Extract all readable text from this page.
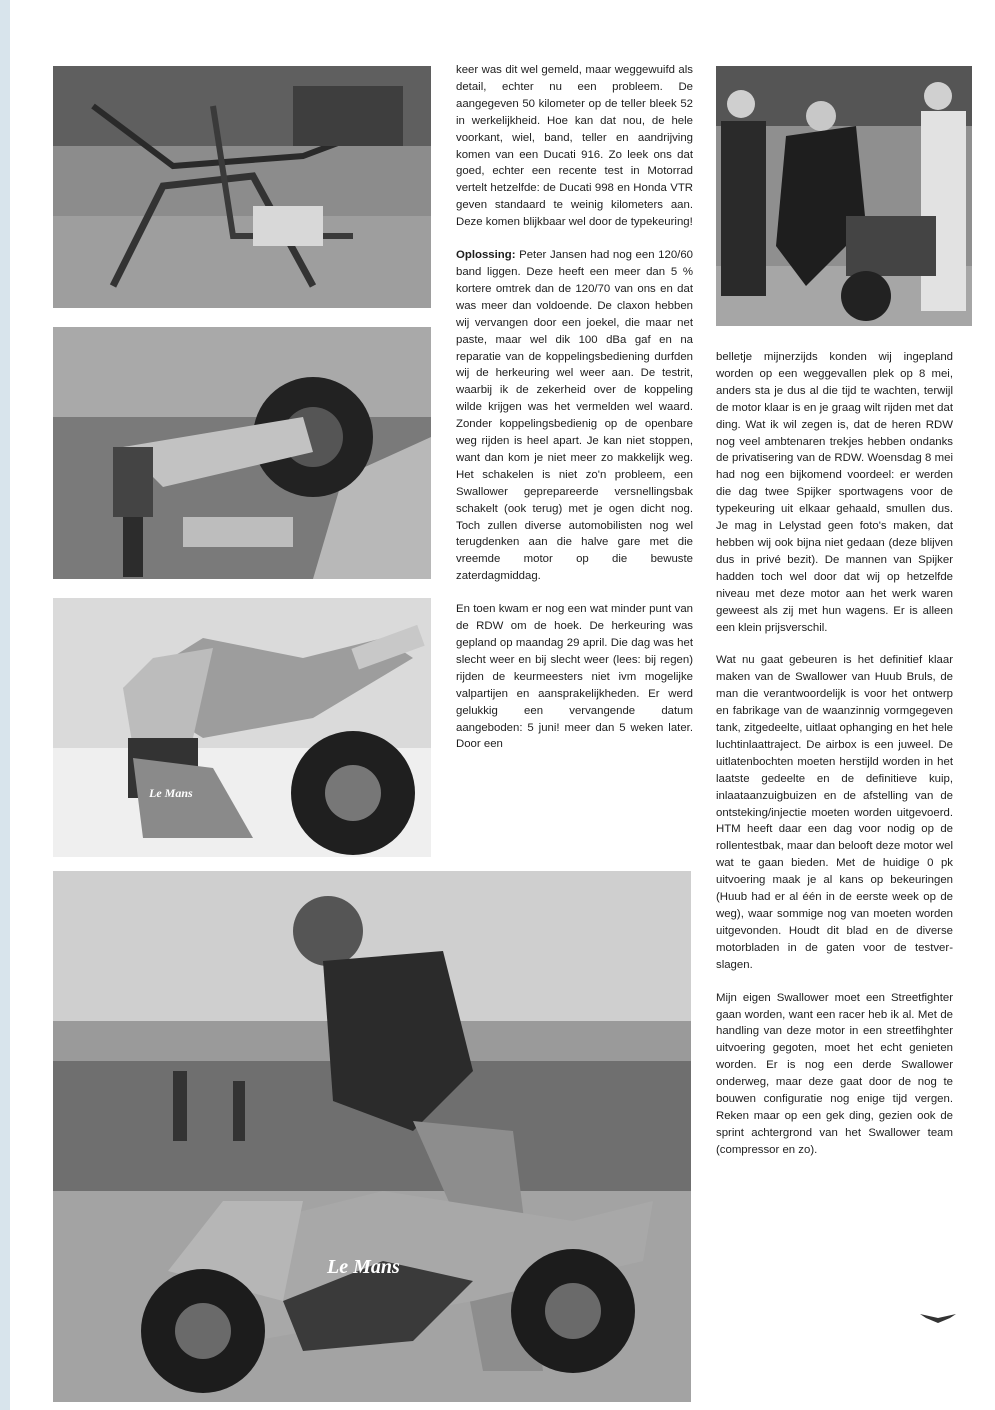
Le Mans
Le Mans

keer was dit wel gemeld, maar weggewuifd als detail, echter nu een probleem. De aangegeven 50 kilometer op de teller bleek 52 in werkelijkheid. Hoe kan dat nou, de hele voorkant, wiel, band, teller en aandrijving komen van een Ducati 916. Zo leek ons dat goed, echter een recente test in Motorrad vertelt hetzelfde: de Ducati 998 en Honda VTR geven standaard te weinig kilometers aan. Deze komen blijkbaar wel door de typekeuring!

Oplossing: Peter Jansen had nog een 120/60 band liggen. Deze heeft een meer dan 5 % kortere omtrek dan de 120/70 van ons en dat was meer dan voldoende. De claxon hebben wij vervangen door een joekel, die maar net paste, maar wel dik 100 dBa gaf en na reparatie van de koppelingsbediening durfden wij de herkeuring wel weer aan. De testrit, waarbij ik de zekerheid over de koppeling wilde krijgen was het vermelden wel waard. Zonder koppelingsbedienig op de openbare weg rijden is heel apart. Je kan niet stoppen, want dan kom je niet meer zo makkelijk weg. Het schakelen is niet zo'n probleem, een Swallower geprepareerde versnellingsbak schakelt (ook terug) met je ogen dicht nog. Toch zullen diverse automobilisten nog wel terugdenken aan die halve gare met die vreemde motor op die bewuste zaterdagmiddag.

En toen kwam er nog een wat minder punt van de RDW om de hoek. De herkeuring was gepland op maandag 29 april. Die dag was het slecht weer en bij slecht weer (lees: bij regen) rijden de keurmeesters niet ivm mogelijke valpartijen en aansprakelijkheden. Er werd gelukkig een vervangende datum aangeboden: 5 juni! meer dan 5 weken later. Door een

belletje mijnerzijds konden wij ingepland worden op een weggevallen plek op 8 mei, anders sta je dus al die tijd te wachten, terwijl de motor klaar is en je graag wilt rijden met dat ding. Wat ik wil zegen is, dat de heren RDW nog veel ambtenaren trekjes hebben ondanks de privatisering van de RDW. Woensdag 8 mei had nog een bijkomend voordeel: er werden die dag twee Spijker sportwagens voor de typekeuring uit elkaar gehaald, smullen dus. Je mag in Lelystad geen foto's maken, dat hebben wij ook bijna niet gedaan (deze blijven dus in privé bezit). De mannen van Spijker hadden toch wel door dat wij op hetzelfde niveau met deze motor aan het werk waren geweest als zij met hun wagens. Er is alleen een klein prijsverschil.

Wat nu gaat gebeuren is het definitief klaar maken van de Swallower van Huub Bruls, de man die verantwoordelijk is voor het ontwerp en fabrikage van de waanzinnig vormgegeven tank, zitgedeelte, uitlaat ophanging en het hele luchtinlaattraject. De airbox is een juweel. De uitlatenbochten moeten herstijld worden in het laatste gedeelte en de definitieve kuip, inlaataanzuigbuizen en de afstelling van de ontsteking/injectie moeten worden uitgevoerd. HTM heeft daar een dag voor nodig op de rollentestbak, maar dan belooft deze motor wel wat te gaan bieden. Met de huidige 0 pk uitvoering maak je al kans op bekeuringen (Huub had er al één in de eerste week op de weg), waar sommige nog van moeten worden uitgevonden. Houdt dit blad en de diverse motorbladen in de gaten voor de testverslagen.

Mijn eigen Swallower moet een Streetfighter gaan worden, want een racer heb ik al. Met de handling van deze motor in een streetfihghter uitvoering gegoten, moet het echt genieten worden. Er is nog een derde Swallower onderweg, maar deze gaat door de nog te bouwen configuratie nog enige tijd vergen. Reken maar op een gek ding, gezien ook de sprint achtergrond van het Swallower team (compressor en zo).
